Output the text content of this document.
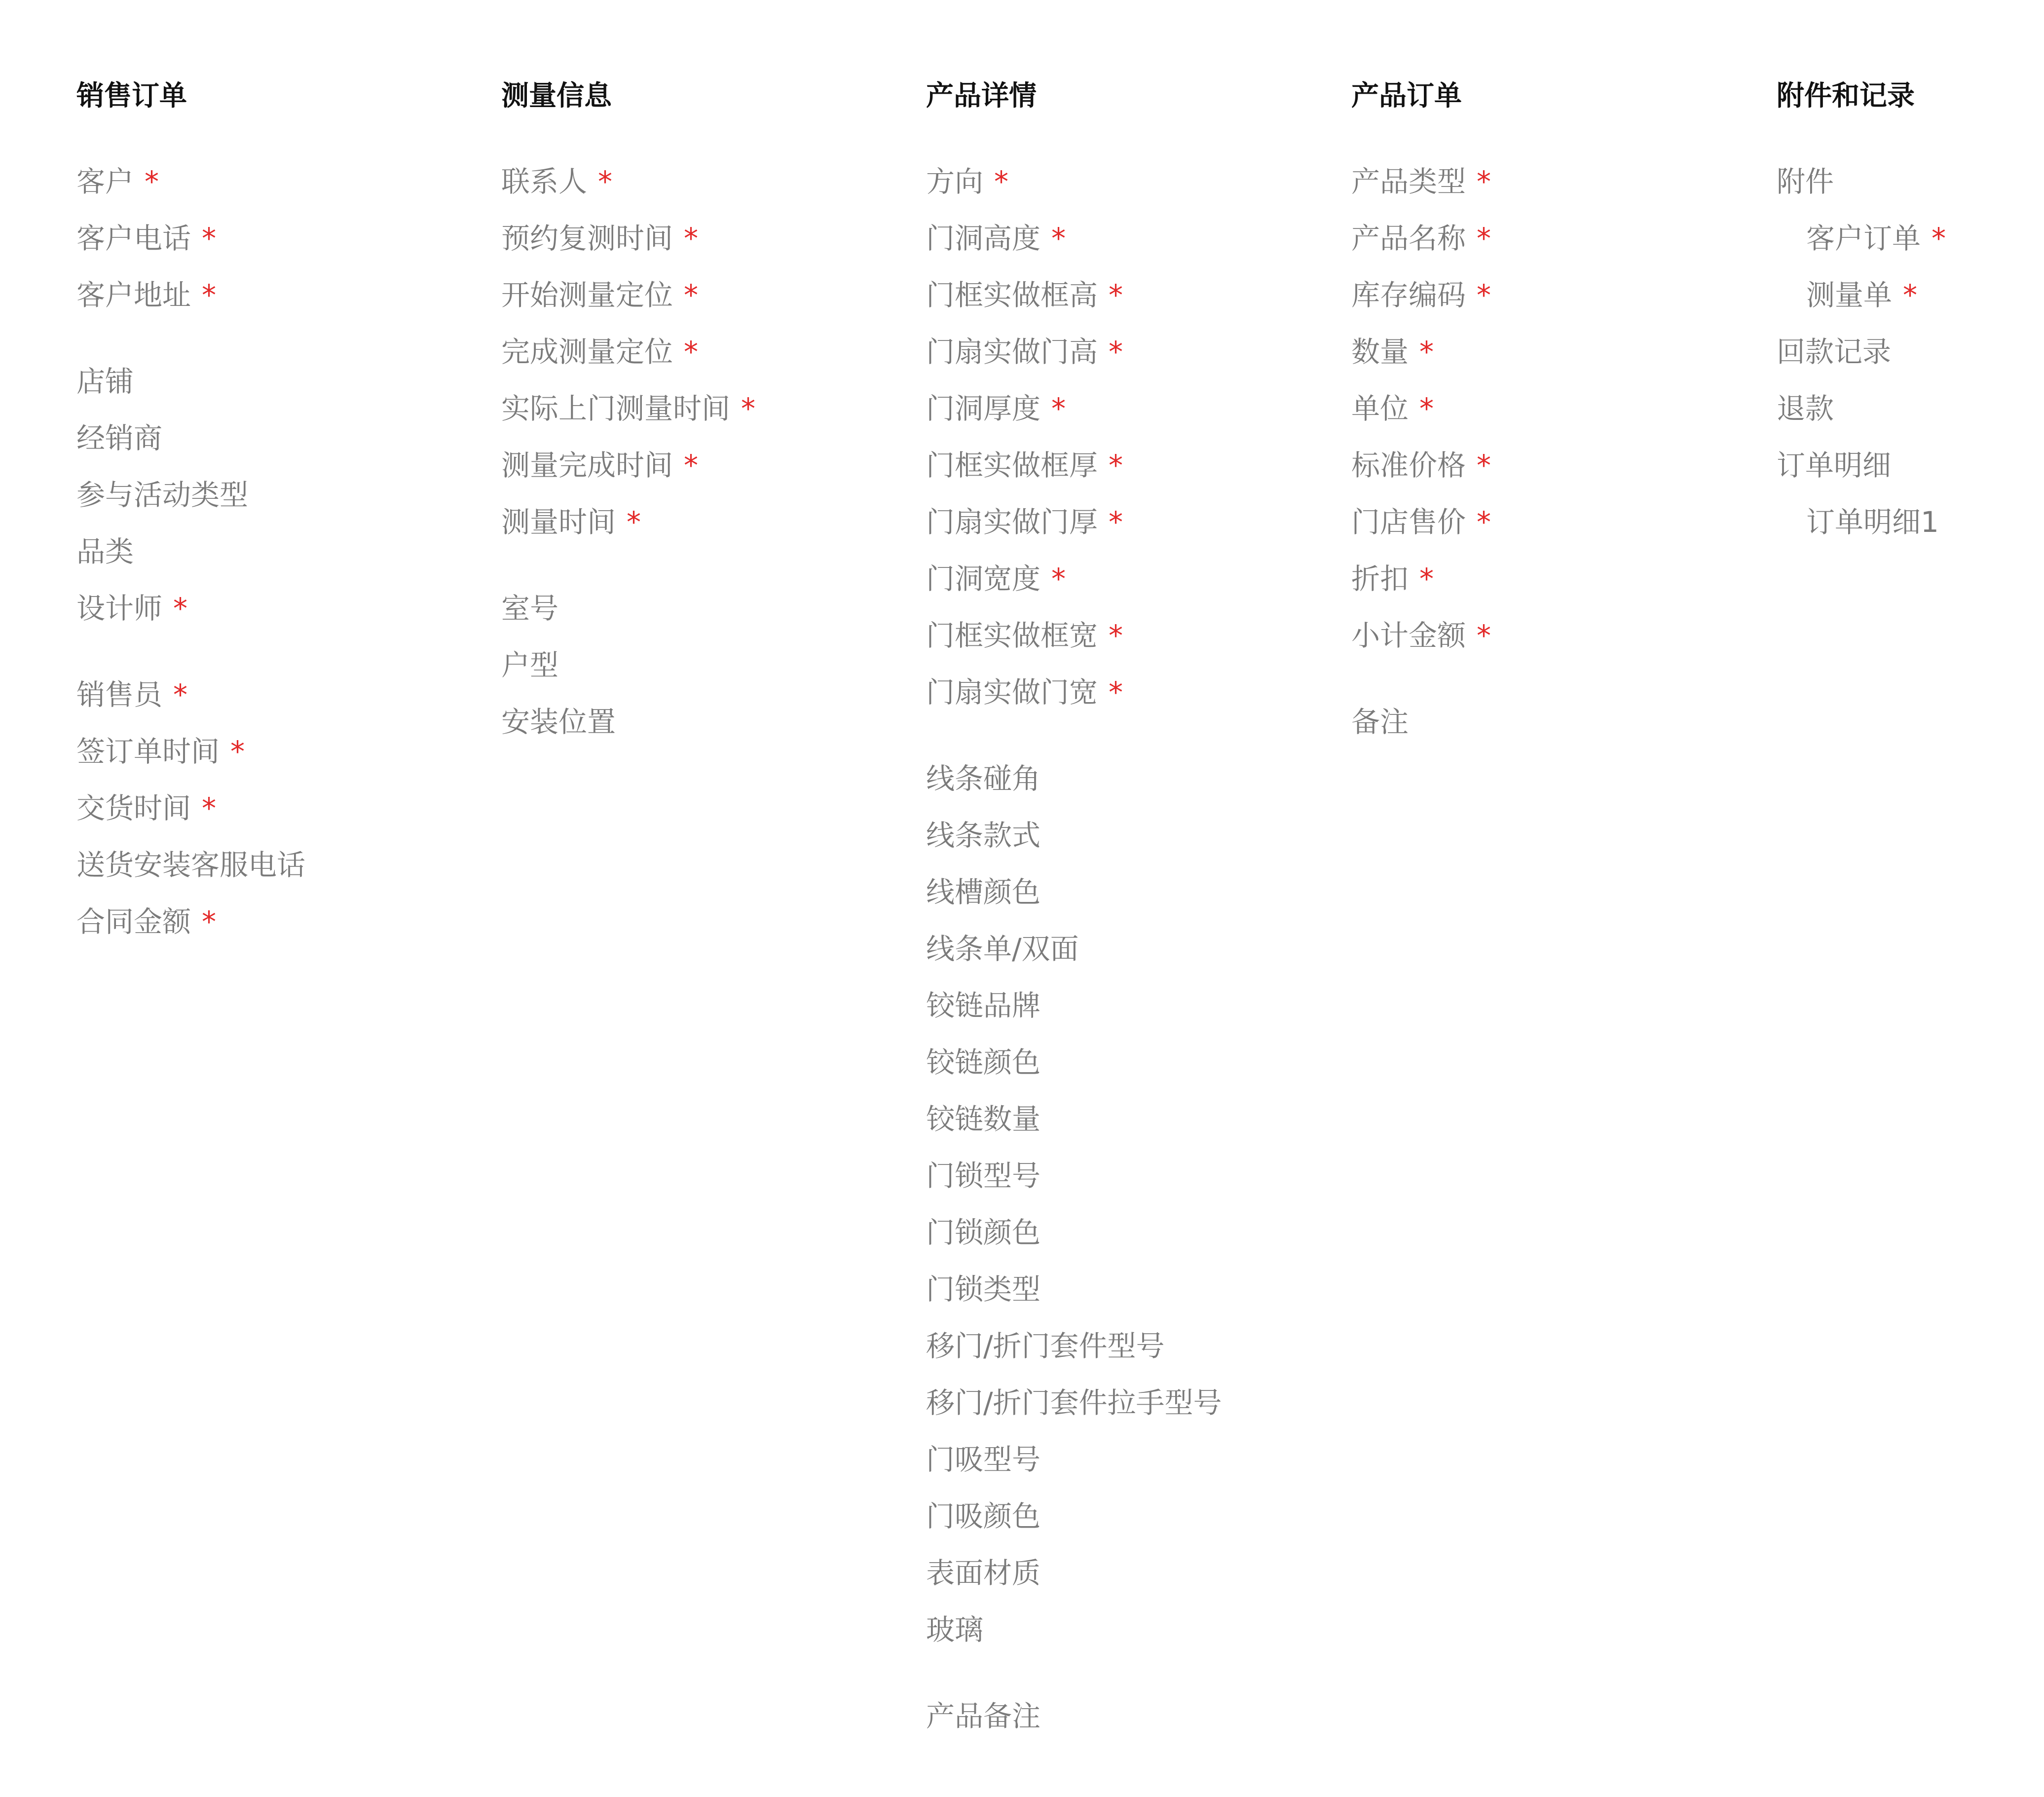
销售订单
客户*
客户电话*
客户地址*
店铺
经销商
参与活动类型
品类
设计师*
销售员*
签订单时间*
交货时间*
送货安装客服电话
合同金额*
测量信息
联系人*
预约复测时间*
开始测量定位*
完成测量定位*
实际上门测量时间*
测量完成时间*
测量时间*
室号
户型
安装位置
产品详情
方向*
门洞高度*
门框实做框高*
门扇实做门高*
门洞厚度*
门框实做框厚*
门扇实做门厚*
门洞宽度*
门框实做框宽*
门扇实做门宽*
线条碰角
线条款式
线槽颜色
线条单/双面
铰链品牌
铰链颜色
铰链数量
门锁型号
门锁颜色
门锁类型
移门/折门套件型号
移门/折门套件拉手型号
门吸型号
门吸颜色
表面材质
玻璃
产品备注
产品订单
产品类型*
产品名称*
库存编码*
数量*
单位*
标准价格*
门店售价*
折扣*
小计金额*
备注
附件和记录
附件
客户订单*
测量单*
回款记录
退款
订单明细
订单明细1
